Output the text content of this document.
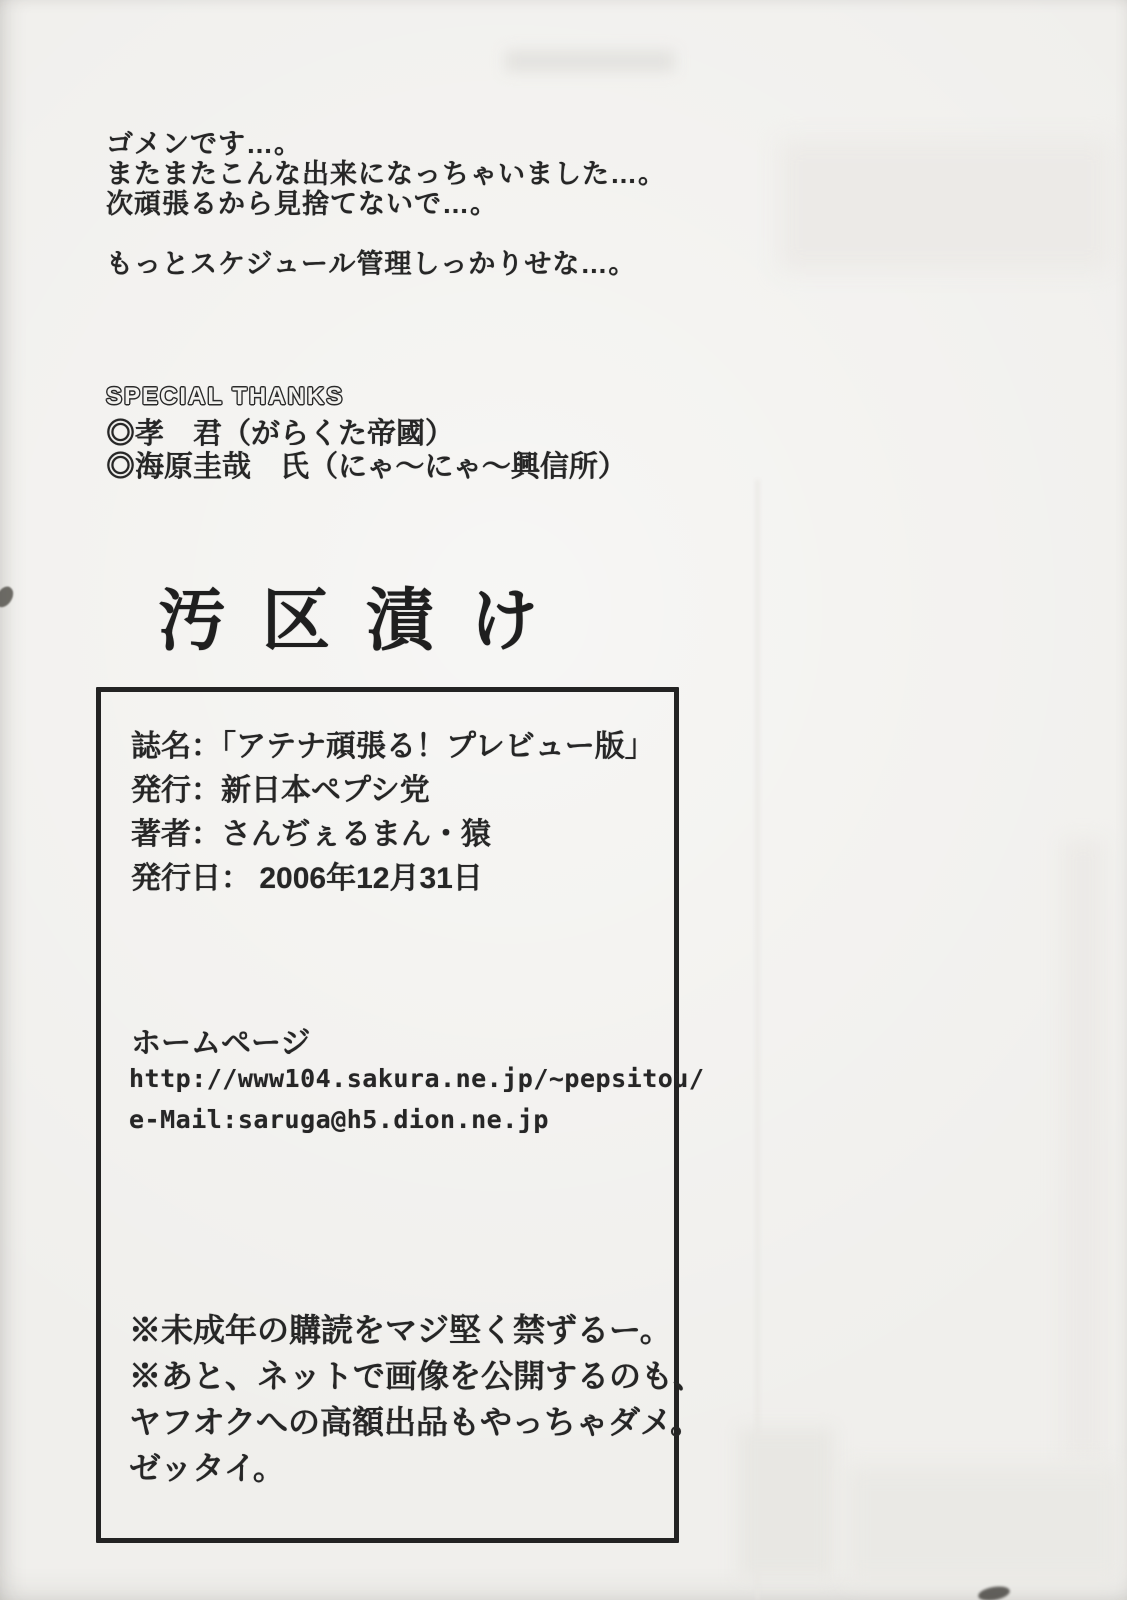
ゴメンです…。
またまたこんな出来になっちゃいました…。
次頑張るから見捨てないで…。
もっとスケジュール管理しっかりせな…。
SPECIAL THANKS
◎孝　君（がらくた帝國）
◎海原圭哉　氏（にゃ～にゃ～興信所）
汚区漬け
誌名：「アテナ頑張る！プレビュー版」
発行：新日本ペプシ党
著者：さんぢぇるまん・猿
発行日： 2006年12月31日
ホームページ
http://www104.sakura.ne.jp/~pepsitou/
e-Mail:saruga@h5.dion.ne.jp
※未成年の購読をマジ堅く禁ずるー。
※あと、ネットで画像を公開するのも、
ヤフオクへの高額出品もやっちゃダメ。
ゼッタイ。
